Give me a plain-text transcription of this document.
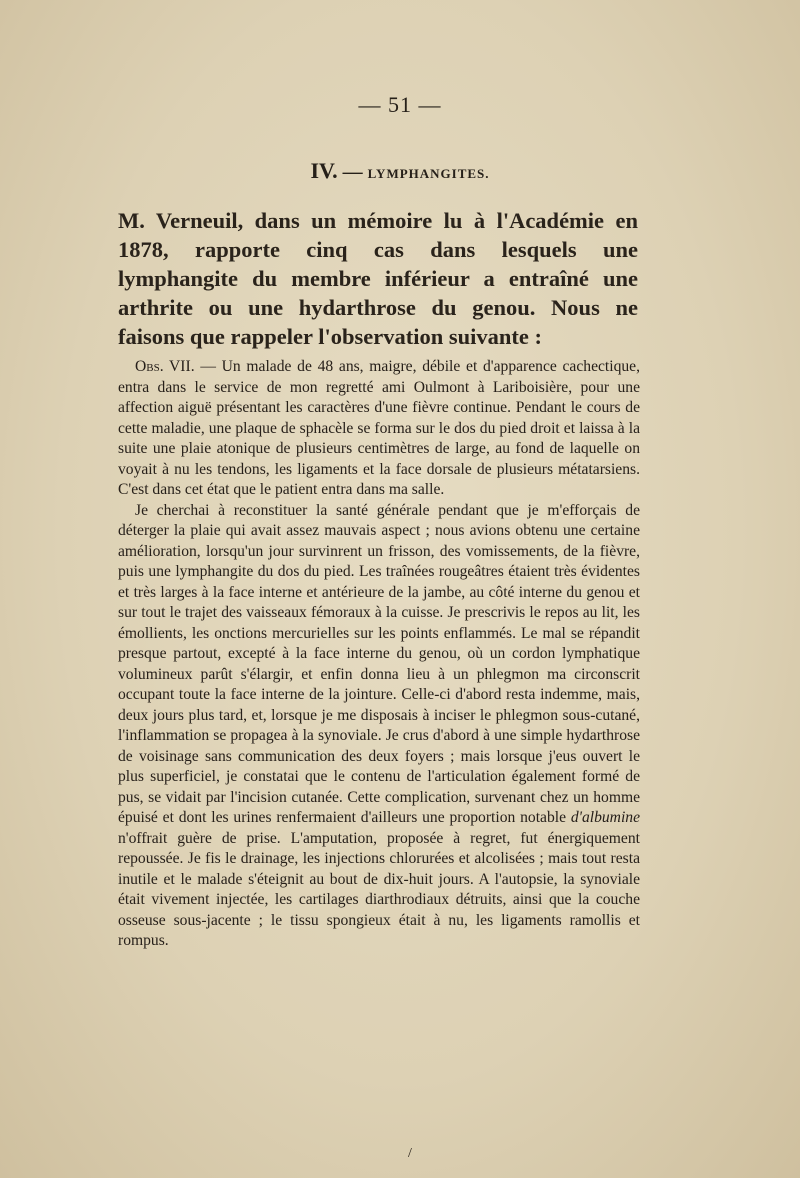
— 51 —
IV. — LYMPHANGITES.
M. Verneuil, dans un mémoire lu à l'Académie en 1878, rapporte cinq cas dans lesquels une lymphangite du membre inférieur a entraîné une arthrite ou une hydarthrose du genou. Nous ne faisons que rappeler l'observation suivante :

Obs. VII. — Un malade de 48 ans, maigre, débile et d'apparence cachectique, entra dans le service de mon regretté ami Oulmont à Lariboisière, pour une affection aiguë présentant les caractères d'une fièvre continue. Pendant le cours de cette maladie, une plaque de sphacèle se forma sur le dos du pied droit et laissa à la suite une plaie atonique de plusieurs centimètres de large, au fond de laquelle on voyait à nu les tendons, les ligaments et la face dorsale de plusieurs métatarsiens. C'est dans cet état que le patient entra dans ma salle.

Je cherchai à reconstituer la santé générale pendant que je m'efforçais de déterger la plaie qui avait assez mauvais aspect ; nous avions obtenu une certaine amélioration, lorsqu'un jour survinrent un frisson, des vomissements, de la fièvre, puis une lymphangite du dos du pied. Les traînées rougeâtres étaient très évidentes et très larges à la face interne et antérieure de la jambe, au côté interne du genou et sur tout le trajet des vaisseaux fémoraux à la cuisse. Je prescrivis le repos au lit, les émollients, les onctions mercurielles sur les points enflammés. Le mal se répandit presque partout, excepté à la face interne du genou, où un cordon lymphatique volumineux parût s'élargir, et enfin donna lieu à un phlegmon ma circonscrit occupant toute la face interne de la jointure. Celle-ci d'abord resta indemme, mais, deux jours plus tard, et, lorsque je me disposais à inciser le phlegmon sous-cutané, l'inflammation se propagea à la synoviale. Je crus d'abord à une simple hydarthrose de voisinage sans communication des deux foyers ; mais lorsque j'eus ouvert le plus superficiel, je constatai que le contenu de l'articulation également formé de pus, se vidait par l'incision cutanée. Cette complication, survenant chez un homme épuisé et dont les urines renfermaient d'ailleurs une proportion notable d'albumine n'offrait guère de prise. L'amputation, proposée à regret, fut énergiquement repoussée. Je fis le drainage, les injections chlorurées et alcolisées ; mais tout resta inutile et le malade s'éteignit au bout de dix-huit jours. A l'autopsie, la synoviale était vivement injectée, les cartilages diarthrodiaux détruits, ainsi que la couche osseuse sous-jacente ; le tissu spongieux était à nu, les ligaments ramollis et rompus.

/
